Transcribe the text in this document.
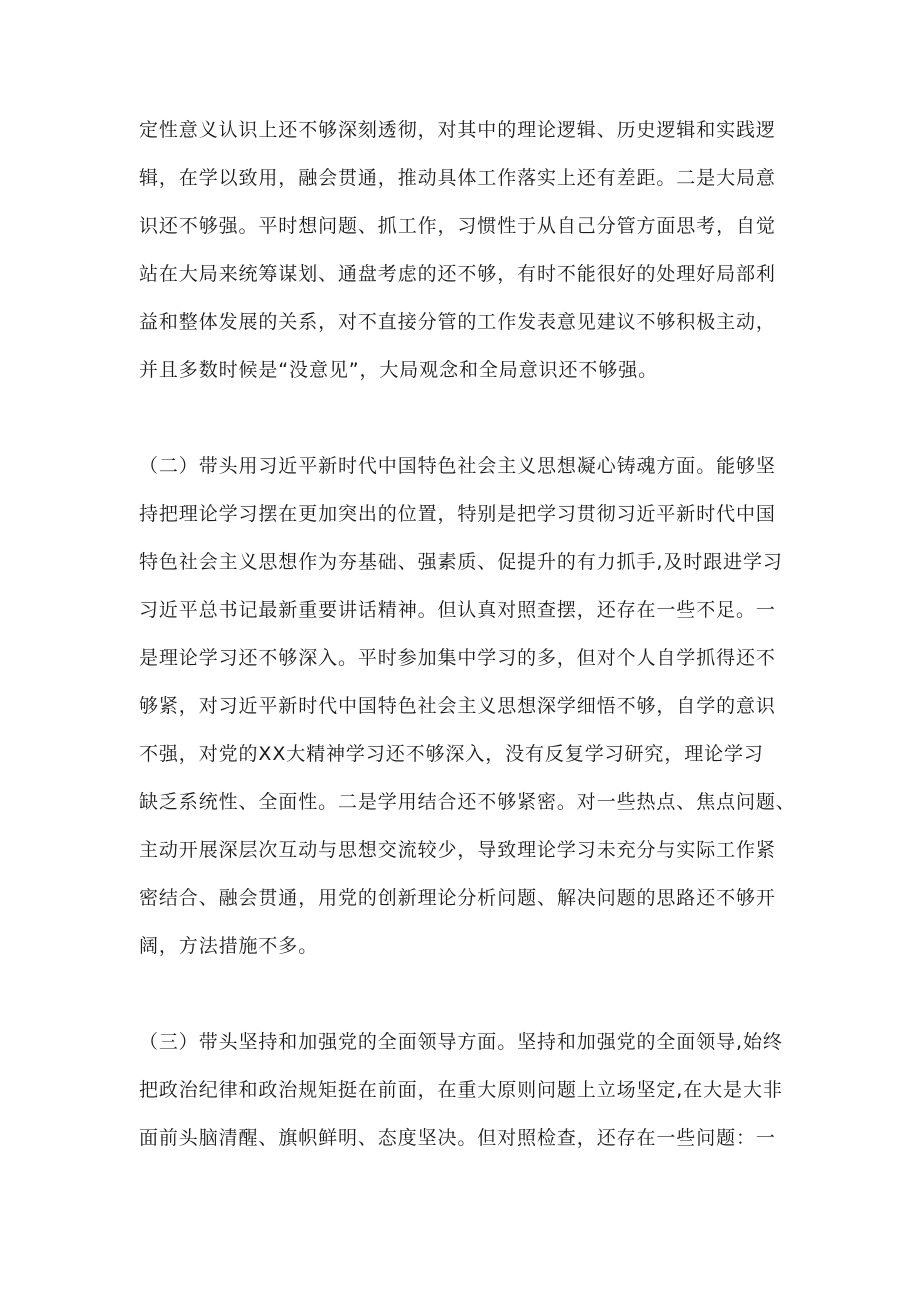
定性意义认识上还不够深刻透彻，对其中的理论逻辑、历史逻辑和实践逻
辑，在学以致用，融会贯通，推动具体工作落实上还有差距。二是大局意
识还不够强。平时想问题、抓工作，习惯性于从自己分管方面思考，自觉
站在大局来统筹谋划、通盘考虑的还不够，有时不能很好的处理好局部利
益和整体发展的关系，对不直接分管的工作发表意见建议不够积极主动，
并且多数时候是“没意见”，大局观念和全局意识还不够强。
（二）带头用习近平新时代中国特色社会主义思想凝心铸魂方面。能够坚
持把理论学习摆在更加突出的位置，特别是把学习贯彻习近平新时代中国
特色社会主义思想作为夯基础、强素质、促提升的有力抓手,及时跟进学习
习近平总书记最新重要讲话精神。但认真对照查摆，还存在一些不足。一
是理论学习还不够深入。平时参加集中学习的多，但对个人自学抓得还不
够紧，对习近平新时代中国特色社会主义思想深学细悟不够，自学的意识
不强，对党的XX大精神学习还不够深入，没有反复学习研究，理论学习
缺乏系统性、全面性。二是学用结合还不够紧密。对一些热点、焦点问题、
主动开展深层次互动与思想交流较少，导致理论学习未充分与实际工作紧
密结合、融会贯通，用党的创新理论分析问题、解决问题的思路还不够开
阔，方法措施不多。
（三）带头坚持和加强党的全面领导方面。坚持和加强党的全面领导,始终
把政治纪律和政治规矩挺在前面，在重大原则问题上立场坚定,在大是大非
面前头脑清醒、旗帜鲜明、态度坚决。但对照检查，还存在一些问题：一
